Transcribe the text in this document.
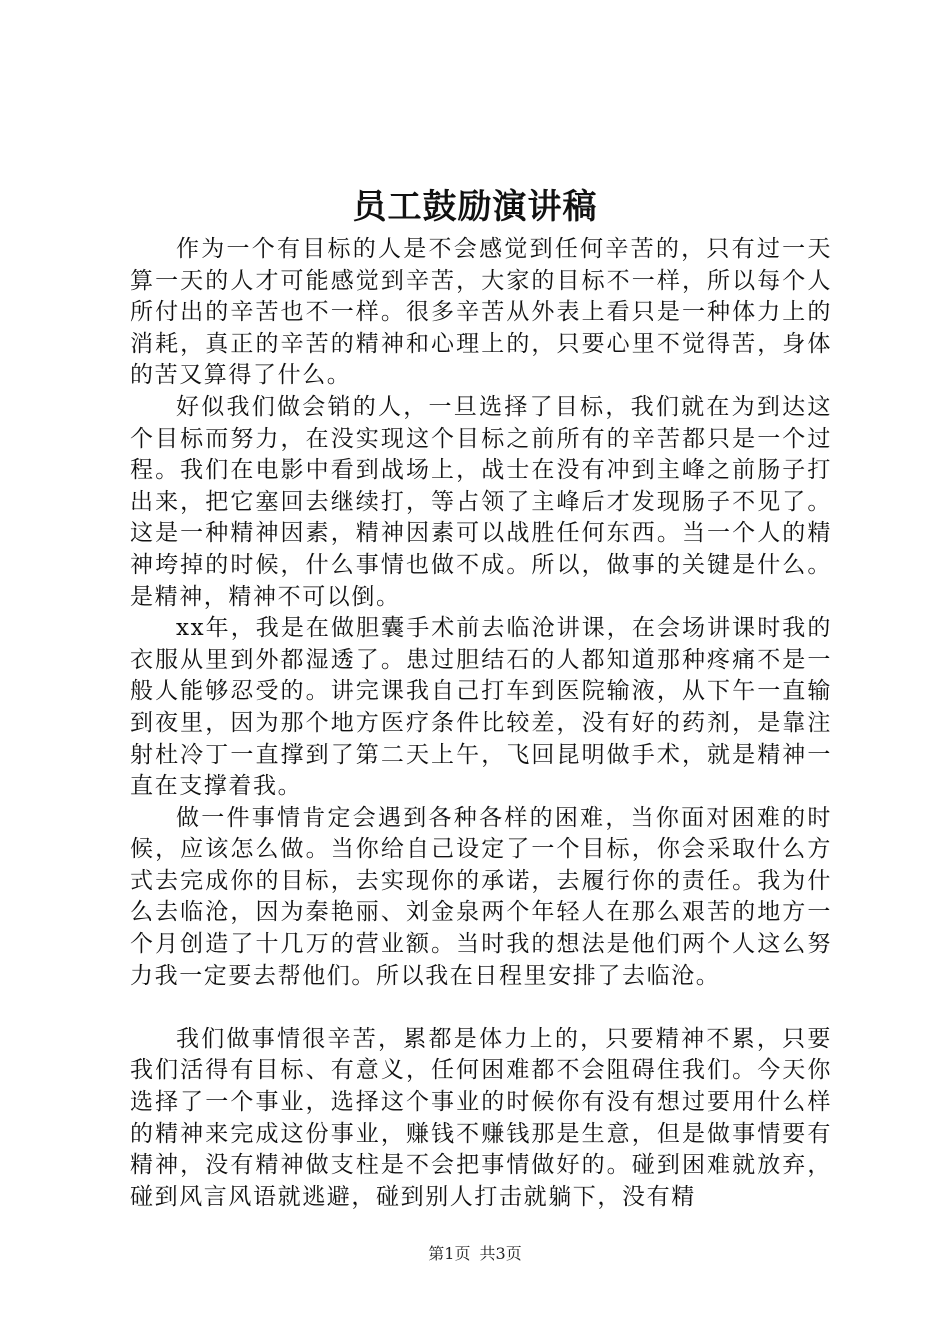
员工鼓励演讲稿

作为一个有目标的人是不会感觉到任何辛苦的，只有过一天算一天的人才可能感觉到辛苦，大家的目标不一样，所以每个人所付出的辛苦也不一样。很多辛苦从外表上看只是一种体力上的消耗，真正的辛苦的精神和心理上的，只要心里不觉得苦，身体的苦又算得了什么。

好似我们做会销的人，一旦选择了目标，我们就在为到达这个目标而努力，在没实现这个目标之前所有的辛苦都只是一个过程。我们在电影中看到战场上，战士在没有冲到主峰之前肠子打出来，把它塞回去继续打，等占领了主峰后才发现肠子不见了。这是一种精神因素，精神因素可以战胜任何东西。当一个人的精神垮掉的时候，什么事情也做不成。所以，做事的关键是什么。是精神，精神不可以倒。

xx年，我是在做胆囊手术前去临沧讲课，在会场讲课时我的衣服从里到外都湿透了。患过胆结石的人都知道那种疼痛不是一般人能够忍受的。讲完课我自己打车到医院输液，从下午一直输到夜里，因为那个地方医疗条件比较差，没有好的药剂，是靠注射杜冷丁一直撑到了第二天上午，飞回昆明做手术，就是精神一直在支撑着我。

做一件事情肯定会遇到各种各样的困难，当你面对困难的时候，应该怎么做。当你给自己设定了一个目标，你会采取什么方式去完成你的目标，去实现你的承诺，去履行你的责任。我为什么去临沧，因为秦艳丽、刘金泉两个年轻人在那么艰苦的地方一个月创造了十几万的营业额。当时我的想法是他们两个人这么努力我一定要去帮他们。所以我在日程里安排了去临沧。

我们做事情很辛苦，累都是体力上的，只要精神不累，只要我们活得有目标、有意义，任何困难都不会阻碍住我们。今天你选择了一个事业，选择这个事业的时候你有没有想过要用什么样的精神来完成这份事业，赚钱不赚钱那是生意，但是做事情要有精神，没有精神做支柱是不会把事情做好的。碰到困难就放弃，碰到风言风语就逃避，碰到别人打击就躺下，没有精

第1页 共3页
